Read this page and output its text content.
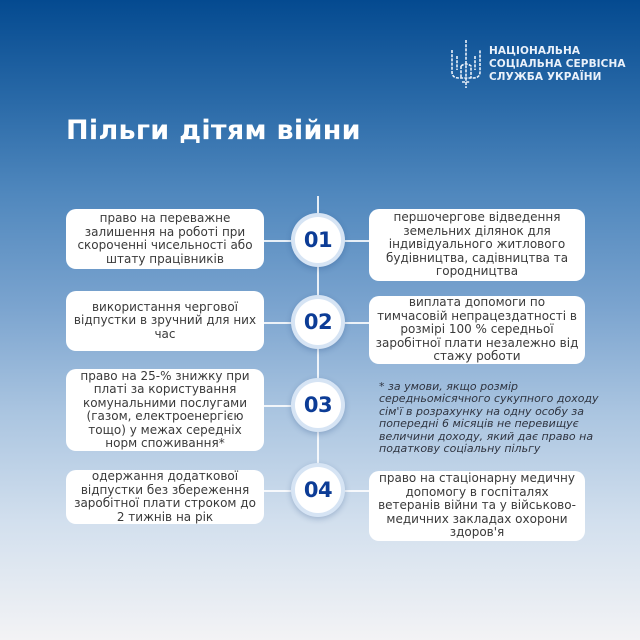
НАЦІОНАЛЬНА
СОЦІАЛЬНА СЕРВІСНА
СЛУЖБА УКРАЇНИ
Пільги дітям війни
право на переважне залишення на роботі при скороченні чисельності або штату працівників
01
першочергове відведення земельних ділянок для індивідуального житлового будівництва, садівництва та городництва
використання чергової відпустки в зручний для них час	02
виплата допомоги по тимчасовій непрацездатності в розмірі 100 % середньої заробітної плати незалежно від стажу роботи
право на 25-% знижку при платі за користування комунальними послугами (газом, електроенергією тощо) у межах середніх норм споживання*
03
* за умови, якщо розмір
середньомісячного сукупного доходу
сім'ї в розрахунку на одну особу за
попередні 6 місяців не перевищує
величини доходу, який дає право на
податкову соціальну пільгу
одержання додаткової відпустки без збереження заробітної плати строком до 2 тижнів на рік
04	право на стаціонарну медичну допомогу в госпіталях ветеранів війни та у військово-медичних закладах охорони здоров'я
